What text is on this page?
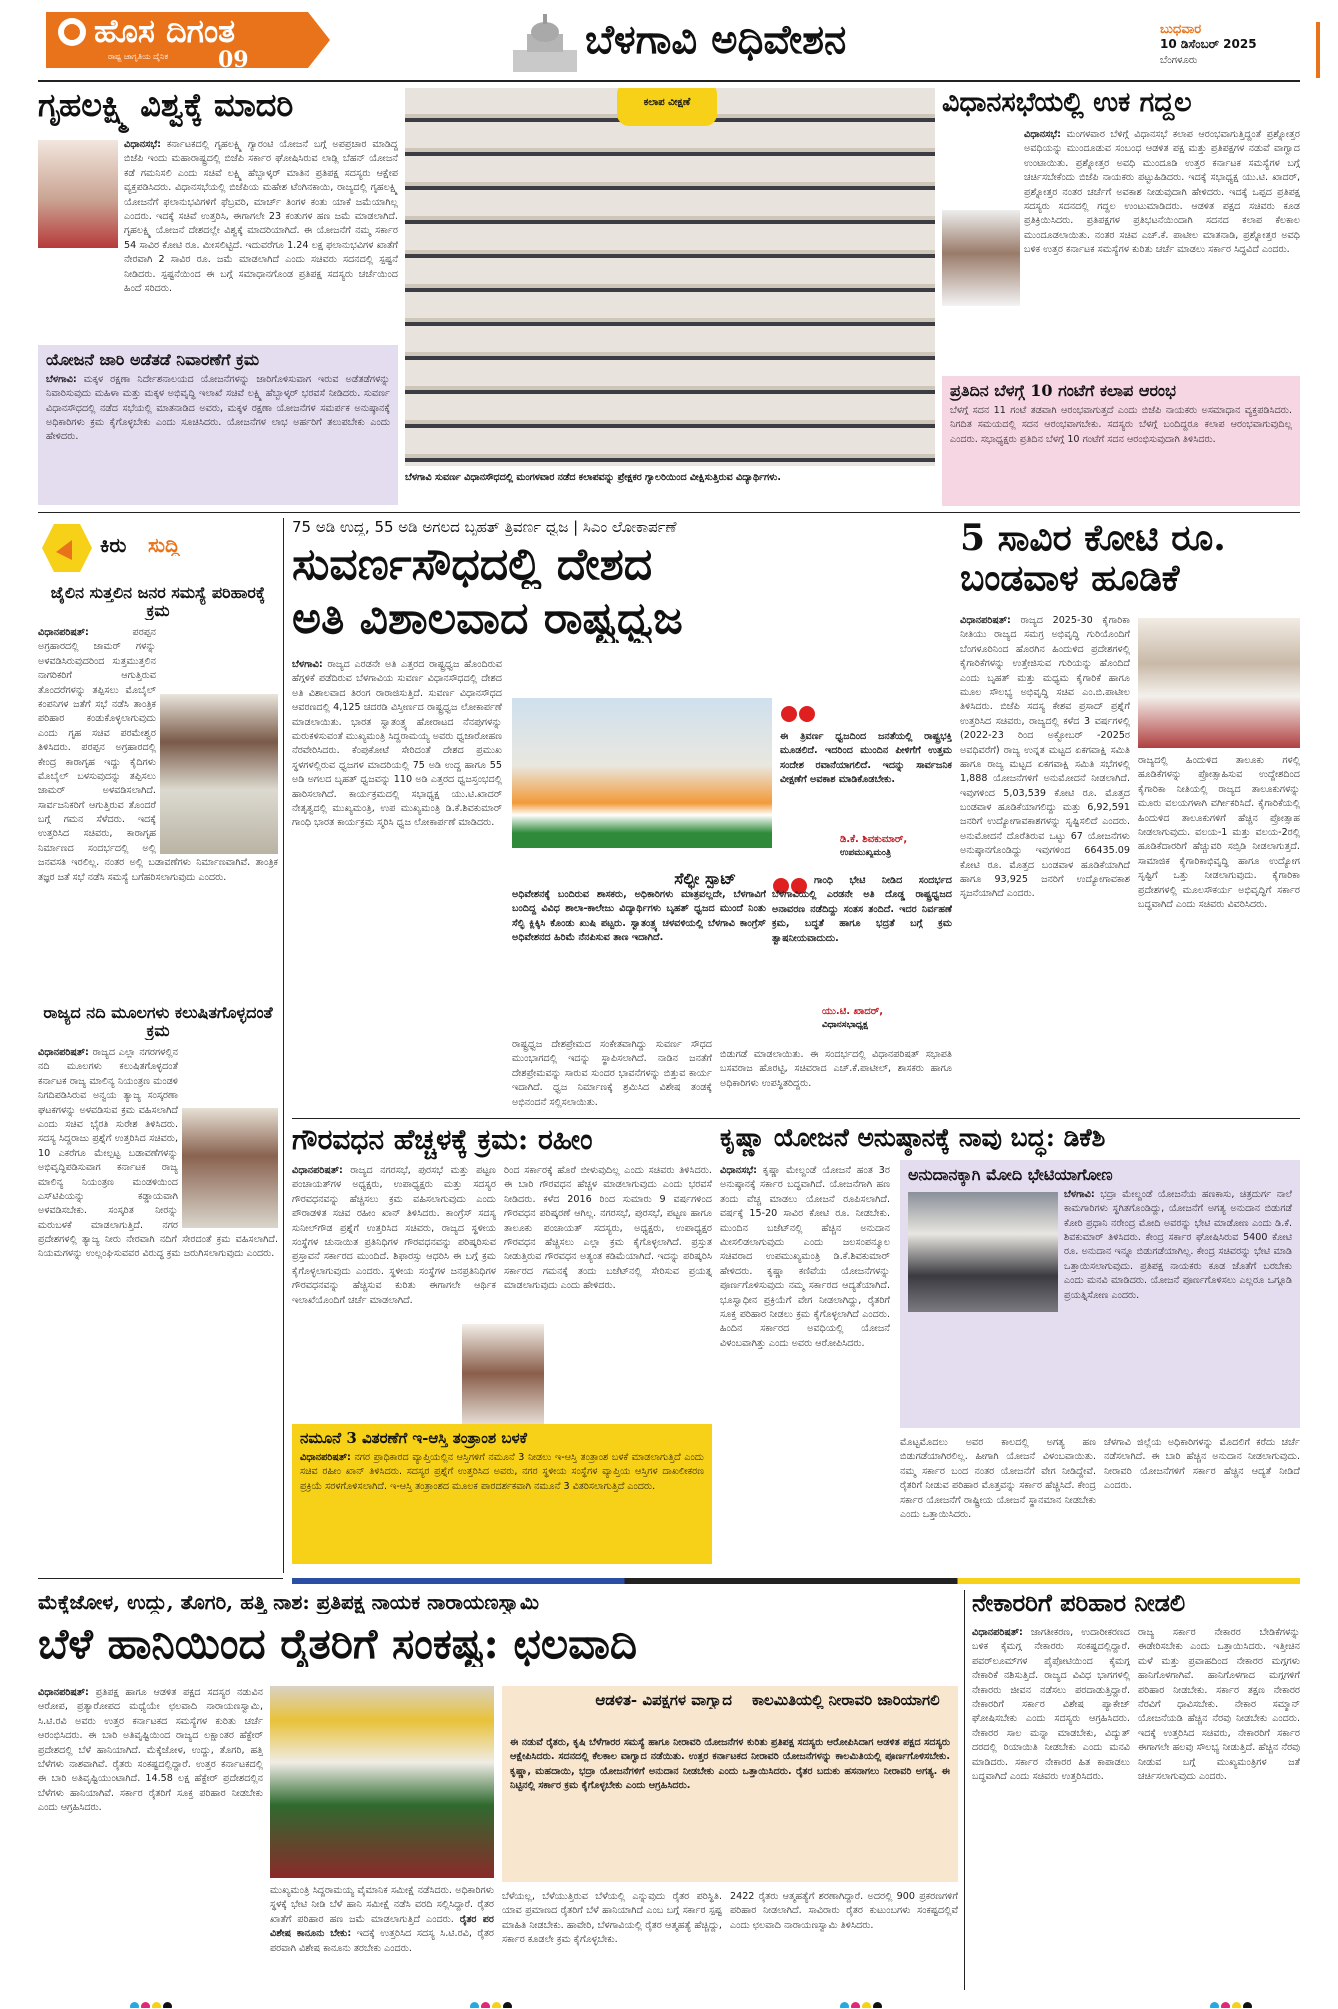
ಹೊಸ ದಿಗಂತ
ರಾಷ್ಟ್ರ ಜಾಗೃತಿಯ ದೈನಿಕ 09	ಬೆಳಗಾವಿ ಅಧಿವೇಶನ	ಬುಧವಾರ
10 ಡಿಸೆಂಬರ್ 2025
ಬೆಂಗಳೂರು
ಗೃಹಲಕ್ಷ್ಮಿ ವಿಶ್ವಕ್ಕೆ ಮಾದರಿ
ವಿಧಾನಸಭೆ: ಕರ್ನಾಟಕದಲ್ಲಿ ಗೃಹಲಕ್ಷ್ಮಿ ಗ್ಯಾರಂಟಿ ಯೋಜನೆ ಬಗ್ಗೆ ಅಪಪ್ರಚಾರ ಮಾಡಿದ್ದ ಬಿಜೆಪಿ ಇಂದು ಮಹಾರಾಷ್ಟ್ರದಲ್ಲಿ ಬಿಜೆಪಿ ಸರ್ಕಾರ ಘೋಷಿಸಿರುವ ಲಾಡ್ಲಿ ಬೆಹನ್ ಯೋಜನೆ ಕಡೆ ಗಮನಿಸಲಿ ಎಂದು ಸಚಿವೆ ಲಕ್ಷ್ಮಿ ಹೆಬ್ಬಾಳ್ಕರ್ ಮಾತಿನ ಪ್ರತಿಪಕ್ಷ ಸದಸ್ಯರು ಆಕ್ಷೇಪ ವ್ಯಕ್ತಪಡಿಸಿದರು. ವಿಧಾನಸಭೆಯಲ್ಲಿ ಬಿಜೆಪಿಯ ಮಹೇಶ ಟೆಂಗಿನಕಾಯಿ, ರಾಜ್ಯದಲ್ಲಿ ಗೃಹಲಕ್ಷ್ಮಿ ಯೋಜನೆಗೆ ಫಲಾನುಭವಿಗಳಿಗೆ ಫೆಬ್ರವರಿ, ಮಾರ್ಚ್ ತಿಂಗಳ ಕಂತು ಯಾಕೆ ಜಮೆಯಾಗಿಲ್ಲ ಎಂದರು. ಇದಕ್ಕೆ ಸಚಿವೆ ಉತ್ತರಿಸಿ, ಈಗಾಗಲೇ 23 ಕಂತುಗಳ ಹಣ ಜಮೆ ಮಾಡಲಾಗಿದೆ. ಗೃಹಲಕ್ಷ್ಮಿ ಯೋಜನೆ ದೇಶದಲ್ಲೇ ವಿಶ್ವಕ್ಕೆ ಮಾದರಿಯಾಗಿದೆ. ಈ ಯೋಜನೆಗೆ ನಮ್ಮ ಸರ್ಕಾರ 54 ಸಾವಿರ ಕೋಟಿ ರೂ. ಮೀಸಲಿಟ್ಟಿದೆ. ಇದುವರೆಗೂ 1.24 ಲಕ್ಷ ಫಲಾನುಭವಿಗಳ ಖಾತೆಗೆ ನೇರವಾಗಿ 2 ಸಾವಿರ ರೂ. ಜಮೆ ಮಾಡಲಾಗಿದೆ ಎಂದು ಸಚಿವರು ಸದನದಲ್ಲಿ ಸ್ಪಷ್ಟನೆ ನೀಡಿದರು. ಸ್ಪಷ್ಟನೆಯಿಂದ ಈ ಬಗ್ಗೆ ಸಮಾಧಾನಗೊಂಡ ಪ್ರತಿಪಕ್ಷ ಸದಸ್ಯರು ಚರ್ಚೆಯಿಂದ ಹಿಂದೆ ಸರಿದರು.
ಯೋಜನೆ ಜಾರಿ ಅಡೆತಡೆ ನಿವಾರಣೆಗೆ ಕ್ರಮ
ಬೆಳಗಾವಿ: ಮಕ್ಕಳ ರಕ್ಷಣಾ ನಿರ್ದೇಶನಾಲಯದ ಯೋಜನೆಗಳನ್ನು ಜಾರಿಗೊಳಿಸುವಾಗ ಇರುವ ಅಡೆತಡೆಗಳನ್ನು ನಿವಾರಿಸುವುದು ಮಹಿಳಾ ಮತ್ತು ಮಕ್ಕಳ ಅಭಿವೃದ್ಧಿ ಇಲಾಖೆ ಸಚಿವೆ ಲಕ್ಷ್ಮಿ ಹೆಬ್ಬಾಳ್ಕರ್ ಭರವಸೆ ನೀಡಿದರು. ಸುವರ್ಣ ವಿಧಾನಸೌಧದಲ್ಲಿ ನಡೆದ ಸಭೆಯಲ್ಲಿ ಮಾತನಾಡಿದ ಅವರು, ಮಕ್ಕಳ ರಕ್ಷಣಾ ಯೋಜನೆಗಳ ಸಮರ್ಪಕ ಅನುಷ್ಠಾನಕ್ಕೆ ಅಧಿಕಾರಿಗಳು ಕ್ರಮ ಕೈಗೊಳ್ಳಬೇಕು ಎಂದು ಸೂಚಿಸಿದರು. ಯೋಜನೆಗಳ ಲಾಭ ಅರ್ಹರಿಗೆ ತಲುಪಬೇಕು ಎಂದು ಹೇಳಿದರು.
ಕಲಾಪ ವೀಕ್ಷಣೆ
ಬೆಳಗಾವಿ ಸುವರ್ಣ ವಿಧಾನಸೌಧದಲ್ಲಿ ಮಂಗಳವಾರ ನಡೆದ ಕಲಾಪವನ್ನು ಪ್ರೇಕ್ಷಕರ ಗ್ಯಾಲರಿಯಿಂದ ವೀಕ್ಷಿಸುತ್ತಿರುವ ವಿದ್ಯಾರ್ಥಿಗಳು.
ವಿಧಾನಸಭೆಯಲ್ಲಿ ಉಕ ಗದ್ದಲ
ವಿಧಾನಸಭೆ: ಮಂಗಳವಾರ ಬೆಳಿಗ್ಗೆ ವಿಧಾನಸಭೆ ಕಲಾಪ ಆರಂಭವಾಗುತ್ತಿದ್ದಂತೆ ಪ್ರಶ್ನೋತ್ತರ ಅವಧಿಯನ್ನು ಮುಂದೂಡುವ ಸಂಬಂಧ ಆಡಳಿತ ಪಕ್ಷ ಮತ್ತು ಪ್ರತಿಪಕ್ಷಗಳ ನಡುವೆ ವಾಗ್ವಾದ ಉಂಟಾಯಿತು. ಪ್ರಶ್ನೋತ್ತರ ಅವಧಿ ಮುಂದೂಡಿ ಉತ್ತರ ಕರ್ನಾಟಕ ಸಮಸ್ಯೆಗಳ ಬಗ್ಗೆ ಚರ್ಚಿಸಬೇಕೆಂದು ಬಿಜೆಪಿ ನಾಯಕರು ಪಟ್ಟುಹಿಡಿದರು. ಇದಕ್ಕೆ ಸಭಾಧ್ಯಕ್ಷ ಯು.ಟಿ. ಖಾದರ್, ಪ್ರಶ್ನೋತ್ತರ ನಂತರ ಚರ್ಚೆಗೆ ಅವಕಾಶ ನೀಡುವುದಾಗಿ ಹೇಳಿದರು. ಇದಕ್ಕೆ ಒಪ್ಪದ ಪ್ರತಿಪಕ್ಷ ಸದಸ್ಯರು ಸದನದಲ್ಲಿ ಗದ್ದಲ ಉಂಟುಮಾಡಿದರು. ಆಡಳಿತ ಪಕ್ಷದ ಸಚಿವರು ಕೂಡ ಪ್ರತಿಕ್ರಿಯಿಸಿದರು. ಪ್ರತಿಪಕ್ಷಗಳ ಪ್ರತಿಭಟನೆಯಿಂದಾಗಿ ಸದನದ ಕಲಾಪ ಕೆಲಕಾಲ ಮುಂದೂಡಲಾಯಿತು. ನಂತರ ಸಚಿವ ಎಚ್.ಕೆ. ಪಾಟೀಲ ಮಾತನಾಡಿ, ಪ್ರಶ್ನೋತ್ತರ ಅವಧಿ ಬಳಿಕ ಉತ್ತರ ಕರ್ನಾಟಕ ಸಮಸ್ಯೆಗಳ ಕುರಿತು ಚರ್ಚೆ ಮಾಡಲು ಸರ್ಕಾರ ಸಿದ್ಧವಿದೆ ಎಂದರು.
ಪ್ರತಿದಿನ ಬೆಳಗ್ಗೆ 10 ಗಂಟೆಗೆ ಕಲಾಪ ಆರಂಭ
ಬೆಳಗ್ಗೆ ಸದನ 11 ಗಂಟೆ ತಡವಾಗಿ ಆರಂಭವಾಗುತ್ತದೆ ಎಂದು ಬಿಜೆಪಿ ನಾಯಕರು ಅಸಮಾಧಾನ ವ್ಯಕ್ತಪಡಿಸಿದರು. ನಿಗದಿತ ಸಮಯದಲ್ಲಿ ಸದನ ಆರಂಭವಾಗಬೇಕು. ಸದಸ್ಯರು ಬೆಳಗ್ಗೆ ಬಂದಿದ್ದರೂ ಕಲಾಪ ಆರಂಭವಾಗುವುದಿಲ್ಲ ಎಂದರು. ಸಭಾಧ್ಯಕ್ಷರು ಪ್ರತಿದಿನ ಬೆಳಗ್ಗೆ 10 ಗಂಟೆಗೆ ಸದನ ಆರಂಭಿಸುವುದಾಗಿ ತಿಳಿಸಿದರು.
ಕಿರು ಸುದ್ದಿ
ಜೈಲಿನ ಸುತ್ತಲಿನ ಜನರ ಸಮಸ್ಯೆ ಪರಿಹಾರಕ್ಕೆ ಕ್ರಮ
ವಿಧಾನಪರಿಷತ್:	ಪರಪ್ಪನ ಅಗ್ರಹಾರದಲ್ಲಿ ಜಾಮರ್ ಗಳನ್ನು ಅಳವಡಿಸಿರುವುದರಿಂದ ಸುತ್ತಮುತ್ತಲಿನ ನಾಗರಿಕರಿಗೆ ಆಗುತ್ತಿರುವ ತೊಂದರೆಗಳನ್ನು ತಪ್ಪಿಸಲು ಮೊಬೈಲ್ ಕಂಪನಿಗಳ ಜತೆಗೆ ಸಭೆ ನಡೆಸಿ ತಾಂತ್ರಿಕ ಪರಿಹಾರ ಕಂಡುಕೊಳ್ಳಲಾಗುವುದು ಎಂದು ಗೃಹ ಸಚಿವ ಪರಮೇಶ್ವರ ತಿಳಿಸಿದರು. ಪರಪ್ಪನ ಅಗ್ರಹಾರದಲ್ಲಿ ಕೇಂದ್ರ ಕಾರಾಗೃಹ ಇದ್ದು ಕೈದಿಗಳು ಮೊಬೈಲ್ ಬಳಸುವುದನ್ನು ತಪ್ಪಿಸಲು ಜಾಮರ್ ಅಳವಡಿಸಲಾಗಿದೆ. ಸಾರ್ವಜನಿಕರಿಗೆ ಆಗುತ್ತಿರುವ ತೊಂದರೆ ಬಗ್ಗೆ ಗಮನ ಸೆಳೆದರು. ಇದಕ್ಕೆ ಉತ್ತರಿಸಿದ ಸಚಿವರು, ಕಾರಾಗೃಹ ನಿರ್ಮಾಣದ ಸಂದರ್ಭದಲ್ಲಿ ಅಲ್ಲಿ ಜನವಸತಿ ಇರಲಿಲ್ಲ. ನಂತರ ಅಲ್ಲಿ ಬಡಾವಣೆಗಳು ನಿರ್ಮಾಣವಾಗಿವೆ. ತಾಂತ್ರಿಕ ತಜ್ಞರ ಜತೆ ಸಭೆ ನಡೆಸಿ ಸಮಸ್ಯೆ ಬಗೆಹರಿಸಲಾಗುವುದು ಎಂದರು.
ರಾಜ್ಯದ ನದಿ ಮೂಲಗಳು ಕಲುಷಿತಗೊಳ್ಳದಂತೆ ಕ್ರಮ
ವಿಧಾನಪರಿಷತ್: ರಾಜ್ಯದ ಎಲ್ಲಾ ನಗರಗಳಲ್ಲಿನ ನದಿ ಮೂಲಗಳು ಕಲುಷಿತಗೊಳ್ಳದಂತೆ ಕರ್ನಾಟಕ ರಾಜ್ಯ ಮಾಲಿನ್ಯ ನಿಯಂತ್ರಣ ಮಂಡಳಿ ನಿಗದಿಪಡಿಸಿರುವ ಅನ್ವಯ ತ್ಯಾಜ್ಯ ಸಂಸ್ಕರಣಾ ಘಟಕಗಳನ್ನು ಅಳವಡಿಸುವ ಕ್ರಮ ವಹಿಸಲಾಗಿದೆ ಎಂದು ಸಚಿವ ಭೈರತಿ ಸುರೇಶ ತಿಳಿಸಿದರು. ಸದಸ್ಯ ಸಿದ್ದರಾಜು ಪ್ರಶ್ನೆಗೆ ಉತ್ತರಿಸಿದ ಸಚಿವರು, 10 ಎಕರೆಗೂ ಮೇಲ್ಪಟ್ಟ ಬಡಾವಣೆಗಳನ್ನು ಅಭಿವೃದ್ಧಿಪಡಿಸುವಾಗ ಕರ್ನಾಟಕ ರಾಜ್ಯ ಮಾಲಿನ್ಯ ನಿಯಂತ್ರಣ ಮಂಡಳಿಯಿಂದ ಎಸ್‌ಟಿಪಿಯನ್ನು ಕಡ್ಡಾಯವಾಗಿ ಅಳವಡಿಸಬೇಕು. ಸಂಸ್ಕರಿತ ನೀರನ್ನು ಮರುಬಳಕೆ ಮಾಡಲಾಗುತ್ತಿದೆ. ನಗರ ಪ್ರದೇಶಗಳಲ್ಲಿ ತ್ಯಾಜ್ಯ ನೀರು ನೇರವಾಗಿ ನದಿಗೆ ಸೇರದಂತೆ ಕ್ರಮ ವಹಿಸಲಾಗಿದೆ. ನಿಯಮಗಳನ್ನು ಉಲ್ಲಂಘಿಸುವವರ ವಿರುದ್ಧ ಕ್ರಮ ಜರುಗಿಸಲಾಗುವುದು ಎಂದರು.
75 ಅಡಿ ಉದ್ದ, 55 ಅಡಿ ಅಗಲದ ಬೃಹತ್ ತ್ರಿವರ್ಣ ಧ್ವಜ | ಸಿಎಂ ಲೋಕಾರ್ಪಣೆ
ಸುವರ್ಣಸೌಧದಲ್ಲಿ ದೇಶದ
ಅತಿ ವಿಶಾಲವಾದ ರಾಷ್ಟ್ರಧ್ವಜ
ಬೆಳಗಾವಿ: ರಾಜ್ಯದ ಎರಡನೇ ಅತಿ ಎತ್ತರದ ರಾಷ್ಟ್ರಧ್ವಜ ಹೊಂದಿರುವ ಹೆಗ್ಗಳಿಕೆ ಪಡೆದಿರುವ ಬೆಳಗಾವಿಯ ಸುವರ್ಣ ವಿಧಾನಸೌಧದಲ್ಲಿ ದೇಶದ ಅತಿ ವಿಶಾಲವಾದ ತಿರಂಗ ರಾರಾಜಿಸುತ್ತಿದೆ. ಸುವರ್ಣ ವಿಧಾನಸೌಧದ ಆವರಣದಲ್ಲಿ 4,125 ಚದರಡಿ ವಿಸ್ತೀರ್ಣದ ರಾಷ್ಟ್ರಧ್ವಜ ಲೋಕಾರ್ಪಣೆ ಮಾಡಲಾಯಿತು. ಭಾರತ ಸ್ವಾತಂತ್ರ್ಯ ಹೋರಾಟದ ನೆನಪುಗಳನ್ನು ಮರುಕಳಿಸುವಂತೆ ಮುಖ್ಯಮಂತ್ರಿ ಸಿದ್ದರಾಮಯ್ಯ ಅವರು ಧ್ವಜಾರೋಹಣ ನೆರವೇರಿಸಿದರು. ಕೆಂಪುಕೋಟೆ ಸೇರಿದಂತೆ ದೇಶದ ಪ್ರಮುಖ ಸ್ಥಳಗಳಲ್ಲಿರುವ ಧ್ವಜಗಳ ಮಾದರಿಯಲ್ಲಿ 75 ಅಡಿ ಉದ್ದ ಹಾಗೂ 55 ಅಡಿ ಅಗಲದ ಬೃಹತ್ ಧ್ವಜವನ್ನು 110 ಅಡಿ ಎತ್ತರದ ಧ್ವಜಸ್ತಂಭದಲ್ಲಿ ಹಾರಿಸಲಾಗಿದೆ. ಕಾರ್ಯಕ್ರಮದಲ್ಲಿ ಸಭಾಧ್ಯಕ್ಷ ಯು.ಟಿ.ಖಾದರ್ ನೇತೃತ್ವದಲ್ಲಿ ಮುಖ್ಯಮಂತ್ರಿ, ಉಪ ಮುಖ್ಯಮಂತ್ರಿ ಡಿ.ಕೆ.ಶಿವಕುಮಾರ್ ಗಾಂಧಿ ಭಾರತ ಕಾರ್ಯಕ್ರಮ ಸ್ಮರಿಸಿ ಧ್ವಜ ಲೋಕಾರ್ಪಣೆ ಮಾಡಿದರು.
ಈ ತ್ರಿವರ್ಣ ಧ್ವಜದಿಂದ ಜನತೆಯಲ್ಲಿ ರಾಷ್ಟ್ರಭಕ್ತಿ ಮೂಡಲಿದೆ. ಇದರಿಂದ ಮುಂದಿನ ಪೀಳಿಗೆಗೆ ಉತ್ತಮ ಸಂದೇಶ ರವಾನೆಯಾಗಲಿದೆ. ಇದನ್ನು ಸಾರ್ವಜನಿಕ ವೀಕ್ಷಣೆಗೆ ಅವಕಾಶ ಮಾಡಿಕೊಡಬೇಕು.
ಡಿ.ಕೆ. ಶಿವಕುಮಾರ್,
ಉಪಮುಖ್ಯಮಂತ್ರಿ
ಸೆಲ್ಫೀ ಸ್ಪಾಟ್
ಅಧಿವೇಶನಕ್ಕೆ ಬಂದಿರುವ ಶಾಸಕರು, ಅಧಿಕಾರಿಗಳು ಮಾತ್ರವಲ್ಲದೇ, ಬೆಳಗಾವಿಗೆ ಬಂದಿದ್ದ ವಿವಿಧ ಶಾಲಾ-ಕಾಲೇಜು ವಿದ್ಯಾರ್ಥಿಗಳು ಬೃಹತ್ ಧ್ವಜದ ಮುಂದೆ ನಿಂತು ಸೆಲ್ಫಿ ಕ್ಲಿಕ್ಕಿಸಿ ಕೊಂಡು ಖುಷಿ ಪಟ್ಟರು. ಸ್ವಾತಂತ್ರ್ಯ ಚಳವಳಿಯಲ್ಲಿ ಬೆಳಗಾವಿ ಕಾಂಗ್ರೆಸ್ ಅಧಿವೇಶನದ ಹಿರಿಮೆ ನೆನಪಿಸುವ ತಾಣ ಇದಾಗಿದೆ.
ಗಾಂಧಿ ಭೇಟಿ ನೀಡಿದ ಸಂದರ್ಭದ ಬೆಳಗಾವಿಯಲ್ಲಿ ಎರಡನೇ ಅತಿ ದೊಡ್ಡ ರಾಷ್ಟ್ರಧ್ವಜದ ಅನಾವರಣ ನಡೆದಿದ್ದು ಸಂತಸ ತಂದಿದೆ. ಇದರ ನಿರ್ವಹಣೆ ಕ್ರಮ, ಬದ್ಧತೆ ಹಾಗೂ ಭದ್ರತೆ ಬಗ್ಗೆ ಕ್ರಮ ತ್ವಾಷನೀಯವಾದುದು.
ಯು.ಟಿ. ಖಾದರ್,
ವಿಧಾನಸಭಾಧ್ಯಕ್ಷ
ರಾಷ್ಟ್ರಧ್ವಜ ದೇಶಪ್ರೇಮದ ಸಂಕೇತವಾಗಿದ್ದು ಸುವರ್ಣ ಸೌಧದ ಮುಂಭಾಗದಲ್ಲಿ ಇದನ್ನು ಸ್ಥಾಪಿಸಲಾಗಿದೆ. ನಾಡಿನ ಜನತೆಗೆ ದೇಶಪ್ರೇಮವನ್ನು ಸಾರುವ ಸುಂದರ ಭಾವನೆಗಳನ್ನು ಬಿತ್ತುವ ಕಾರ್ಯ ಇದಾಗಿದೆ. ಧ್ವಜ ನಿರ್ಮಾಣಕ್ಕೆ ಶ್ರಮಿಸಿದ ವಿಶೇಷ ತಂಡಕ್ಕೆ ಅಭಿನಂದನೆ ಸಲ್ಲಿಸಲಾಯಿತು.
ಬಿಡುಗಡೆ ಮಾಡಲಾಯಿತು. ಈ ಸಂದರ್ಭದಲ್ಲಿ ವಿಧಾನಪರಿಷತ್ ಸಭಾಪತಿ ಬಸವರಾಜ ಹೊರಟ್ಟಿ, ಸಚಿವರಾದ ಎಚ್.ಕೆ.ಪಾಟೀಲ್, ಶಾಸಕರು ಹಾಗೂ ಅಧಿಕಾರಿಗಳು ಉಪಸ್ಥಿತರಿದ್ದರು.
5 ಸಾವಿರ ಕೋಟಿ ರೂ. ಬಂಡವಾಳ ಹೂಡಿಕೆ
ವಿಧಾನಪರಿಷತ್: ರಾಜ್ಯದ 2025-30 ಕೈಗಾರಿಕಾ ನೀತಿಯು ರಾಜ್ಯದ ಸಮಗ್ರ ಅಭಿವೃದ್ಧಿ ಗುರಿಯೊಂದಿಗೆ ಬೆಂಗಳೂರಿನಿಂದ ಹೊರಗಿನ ಹಿಂದುಳಿದ ಪ್ರದೇಶಗಳಲ್ಲಿ ಕೈಗಾರಿಕೆಗಳನ್ನು ಉತ್ತೇಜಿಸುವ ಗುರಿಯನ್ನು ಹೊಂದಿದೆ ಎಂದು ಬೃಹತ್ ಮತ್ತು ಮಧ್ಯಮ ಕೈಗಾರಿಕೆ ಹಾಗೂ ಮೂಲ ಸೌಲಭ್ಯ ಅಭಿವೃದ್ಧಿ ಸಚಿವ ಎಂ.ಬಿ.ಪಾಟೀಲ ತಿಳಿಸಿದರು. ಬಿಜೆಪಿ ಸದಸ್ಯ ಕೇಶವ ಪ್ರಸಾದ್ ಪ್ರಶ್ನೆಗೆ ಉತ್ತರಿಸಿದ ಸಚಿವರು, ರಾಜ್ಯದಲ್ಲಿ ಕಳೆದ 3 ವರ್ಷಗಳಲ್ಲಿ (2022-23 ರಿಂದ ಅಕ್ಟೋಬರ್ -2025ರ ಅವಧಿವರೆಗೆ) ರಾಜ್ಯ ಉನ್ನತ ಮಟ್ಟದ ಏಕಗವಾಕ್ಷಿ ಸಮಿತಿ ಹಾಗೂ ರಾಜ್ಯ ಮಟ್ಟದ ಏಕಗವಾಕ್ಷಿ ಸಮಿತಿ ಸಭೆಗಳಲ್ಲಿ 1,888 ಯೋಜನೆಗಳಿಗೆ ಅನುಮೋದನೆ ನೀಡಲಾಗಿದೆ. ಇವುಗಳಿಂದ 5,03,539 ಕೋಟಿ ರೂ. ಮೊತ್ತದ ಬಂಡವಾಳ ಹೂಡಿಕೆಯಾಗಲಿದ್ದು ಮತ್ತು 6,92,591 ಜನರಿಗೆ ಉದ್ಯೋಗಾವಕಾಶಗಳನ್ನು ಸೃಷ್ಟಿಸಲಿದೆ ಎಂದರು. ಅನುಮೋದನೆ ದೊರೆತಿರುವ ಒಟ್ಟು 67 ಯೋಜನೆಗಳು ಅನುಷ್ಠಾನಗೊಂಡಿದ್ದು ಇವುಗಳಿಂದ 66435.09 ಕೋಟಿ ರೂ. ಮೊತ್ತದ ಬಂಡವಾಳ ಹೂಡಿಕೆಯಾಗಿದೆ ಹಾಗೂ 93,925 ಜನರಿಗೆ ಉದ್ಯೋಗಾವಕಾಶ ಸೃಜನೆಯಾಗಿದೆ ಎಂದರು.
ರಾಜ್ಯದಲ್ಲಿ ಹಿಂದುಳಿದ ತಾಲೂಕು ಗಳಲ್ಲಿ ಹೂಡಿಕೆಗಳನ್ನು ಪ್ರೋತ್ಸಾಹಿಸುವ ಉದ್ದೇಶದಿಂದ ಕೈಗಾರಿಕಾ ನೀತಿಯಲ್ಲಿ ರಾಜ್ಯದ ತಾಲೂಕುಗಳನ್ನು ಮೂರು ವಲಯಗಳಾಗಿ ವರ್ಗೀಕರಿಸಿದೆ. ಕೈಗಾರಿಕೆಯಲ್ಲಿ ಹಿಂದುಳಿದ ತಾಲೂಕುಗಳಿಗೆ ಹೆಚ್ಚಿನ ಪ್ರೋತ್ಸಾಹ ನೀಡಲಾಗುವುದು. ವಲಯ-1 ಮತ್ತು ವಲಯ-2ರಲ್ಲಿ ಹೂಡಿಕೆದಾರರಿಗೆ ಹೆಚ್ಚುವರಿ ಸಬ್ಸಿಡಿ ನೀಡಲಾಗುತ್ತದೆ. ಸಾಮಾಜಿಕ ಕೈಗಾರಿಕಾಭಿವೃದ್ಧಿ ಹಾಗೂ ಉದ್ಯೋಗ ಸೃಷ್ಟಿಗೆ ಒತ್ತು ನೀಡಲಾಗುವುದು. ಕೈಗಾರಿಕಾ ಪ್ರದೇಶಗಳಲ್ಲಿ ಮೂಲಸೌಕರ್ಯ ಅಭಿವೃದ್ಧಿಗೆ ಸರ್ಕಾರ ಬದ್ಧವಾಗಿದೆ ಎಂದು ಸಚಿವರು ವಿವರಿಸಿದರು.
ಗೌರವಧನ ಹೆಚ್ಚಳಕ್ಕೆ ಕ್ರಮ: ರಹೀಂ
ವಿಧಾನಪರಿಷತ್: ರಾಜ್ಯದ ನಗರಸಭೆ, ಪುರಸಭೆ ಮತ್ತು ಪಟ್ಟಣ ಪಂಚಾಯತ್‌ಗಳ ಅಧ್ಯಕ್ಷರು, ಉಪಾಧ್ಯಕ್ಷರು ಮತ್ತು ಸದಸ್ಯರ ಗೌರವಧನವನ್ನು ಹೆಚ್ಚಿಸಲು ಕ್ರಮ ವಹಿಸಲಾಗುವುದು ಎಂದು ಪೌರಾಡಳಿತ ಸಚಿವ ರಹೀಂ ಖಾನ್ ತಿಳಿಸಿದರು. ಕಾಂಗ್ರೆಸ್ ಸದಸ್ಯ ಸುನೀಲ್‌ಗೌಡ ಪ್ರಶ್ನೆಗೆ ಉತ್ತರಿಸಿದ ಸಚಿವರು, ರಾಜ್ಯದ ಸ್ಥಳೀಯ ಸಂಸ್ಥೆಗಳ ಚುನಾಯಿತ ಪ್ರತಿನಿಧಿಗಳ ಗೌರವಧನವನ್ನು ಪರಿಷ್ಕರಿಸುವ ಪ್ರಸ್ತಾವನೆ ಸರ್ಕಾರದ ಮುಂದಿದೆ. ಶಿಫಾರಸ್ಸು ಆಧರಿಸಿ ಈ ಬಗ್ಗೆ ಕ್ರಮ ಕೈಗೊಳ್ಳಲಾಗುವುದು ಎಂದರು. ಸ್ಥಳೀಯ ಸಂಸ್ಥೆಗಳ ಜನಪ್ರತಿನಿಧಿಗಳ ಗೌರವಧನವನ್ನು ಹೆಚ್ಚಿಸುವ ಕುರಿತು ಈಗಾಗಲೇ ಆರ್ಥಿಕ ಇಲಾಖೆಯೊಂದಿಗೆ ಚರ್ಚೆ ಮಾಡಲಾಗಿದೆ.
ರಿಂದ ಸರ್ಕಾರಕ್ಕೆ ಹೊರೆ ಬೀಳುವುದಿಲ್ಲ ಎಂದು ಸಚಿವರು ತಿಳಿಸಿದರು. ಈ ಬಾರಿ ಗೌರವಧನ ಹೆಚ್ಚಳ ಮಾಡಲಾಗುವುದು ಎಂದು ಭರವಸೆ ನೀಡಿದರು. ಕಳೆದ 2016 ರಿಂದ ಸುಮಾರು 9 ವರ್ಷಗಳಿಂದ ಗೌರವಧನ ಪರಿಷ್ಕರಣೆ ಆಗಿಲ್ಲ. ನಗರಸಭೆ, ಪುರಸಭೆ, ಪಟ್ಟಣ ಹಾಗೂ ತಾಲೂಕು ಪಂಚಾಯತ್ ಸದಸ್ಯರು, ಅಧ್ಯಕ್ಷರು, ಉಪಾಧ್ಯಕ್ಷರ ಗೌರವಧನ ಹೆಚ್ಚಿಸಲು ಎಲ್ಲಾ ಕ್ರಮ ಕೈಗೊಳ್ಳಲಾಗಿದೆ. ಪ್ರಸ್ತುತ ನೀಡುತ್ತಿರುವ ಗೌರವಧನ ಅತ್ಯಂತ ಕಡಿಮೆಯಾಗಿದೆ. ಇದನ್ನು ಪರಿಷ್ಕರಿಸಿ ಸರ್ಕಾರದ ಗಮನಕ್ಕೆ ತಂದು ಬಜೆಟ್‌ನಲ್ಲಿ ಸೇರಿಸುವ ಪ್ರಯತ್ನ ಮಾಡಲಾಗುವುದು ಎಂದು ಹೇಳಿದರು.
ನಮೂನೆ 3 ವಿತರಣೆಗೆ ಇ-ಆಸ್ತಿ ತಂತ್ರಾಂಶ ಬಳಕೆ
ವಿಧಾನಪರಿಷತ್: ನಗರ ಪ್ರಾಧಿಕಾರದ ವ್ಯಾಪ್ತಿಯಲ್ಲಿನ ಆಸ್ತಿಗಳಿಗೆ ನಮೂನೆ 3 ನೀಡಲು ಇ-ಆಸ್ತಿ ತಂತ್ರಾಂಶ ಬಳಕೆ ಮಾಡಲಾಗುತ್ತಿದೆ ಎಂದು ಸಚಿವ ರಹೀಂ ಖಾನ್ ತಿಳಿಸಿದರು. ಸದಸ್ಯರ ಪ್ರಶ್ನೆಗೆ ಉತ್ತರಿಸಿದ ಅವರು, ನಗರ ಸ್ಥಳೀಯ ಸಂಸ್ಥೆಗಳ ವ್ಯಾಪ್ತಿಯ ಆಸ್ತಿಗಳ ದಾಖಲೀಕರಣ ಪ್ರಕ್ರಿಯೆ ಸರಳಗೊಳಿಸಲಾಗಿದೆ. ಇ-ಆಸ್ತಿ ತಂತ್ರಾಂಶದ ಮೂಲಕ ಪಾರದರ್ಶಕವಾಗಿ ನಮೂನೆ 3 ವಿತರಿಸಲಾಗುತ್ತಿದೆ ಎಂದರು.
ಕೃಷ್ಣಾ ಯೋಜನೆ ಅನುಷ್ಠಾನಕ್ಕೆ ನಾವು ಬದ್ಧ: ಡಿಕೆಶಿ
ವಿಧಾನಸಭೆ: ಕೃಷ್ಣಾ ಮೇಲ್ದಂಡೆ ಯೋಜನೆ ಹಂತ 3ರ ಅನುಷ್ಠಾನಕ್ಕೆ ಸರ್ಕಾರ ಬದ್ಧವಾಗಿದೆ. ಯೋಜನೆಗಾಗಿ ಹಣ ತಂದು ವೆಚ್ಚ ಮಾಡಲು ಯೋಜನೆ ರೂಪಿಸಲಾಗಿದೆ. ವರ್ಷಕ್ಕೆ 15-20 ಸಾವಿರ ಕೋಟಿ ರೂ. ನೀಡಬೇಕು. ಮುಂದಿನ ಬಜೆಟ್‌ನಲ್ಲಿ ಹೆಚ್ಚಿನ ಅನುದಾನ ಮೀಸಲಿಡಲಾಗುವುದು ಎಂದು ಜಲಸಂಪನ್ಮೂಲ ಸಚಿವರಾದ ಉಪಮುಖ್ಯಮಂತ್ರಿ ಡಿ.ಕೆ.ಶಿವಕುಮಾರ್ ಹೇಳಿದರು. ಕೃಷ್ಣಾ ಕಣಿವೆಯ ಯೋಜನೆಗಳನ್ನು ಪೂರ್ಣಗೊಳಿಸುವುದು ನಮ್ಮ ಸರ್ಕಾರದ ಆದ್ಯತೆಯಾಗಿದೆ. ಭೂಸ್ವಾಧೀನ ಪ್ರಕ್ರಿಯೆಗೆ ವೇಗ ನೀಡಲಾಗಿದ್ದು, ರೈತರಿಗೆ ಸೂಕ್ತ ಪರಿಹಾರ ನೀಡಲು ಕ್ರಮ ಕೈಗೊಳ್ಳಲಾಗಿದೆ ಎಂದರು. ಹಿಂದಿನ ಸರ್ಕಾರದ ಅವಧಿಯಲ್ಲಿ ಯೋಜನೆ ವಿಳಂಬವಾಗಿತ್ತು ಎಂದು ಅವರು ಆರೋಪಿಸಿದರು.
ಅನುದಾನಕ್ಕಾಗಿ ಮೋದಿ ಭೇಟಿಯಾಗೋಣ
ಬೆಳಗಾವಿ: ಭದ್ರಾ ಮೇಲ್ದಂಡೆ ಯೋಜನೆಯ ಹಣಕಾಸು, ಚಿತ್ರದುರ್ಗ ನಾಲೆ ಕಾಮಗಾರಿಗಳು ಸ್ಥಗಿತಗೊಂಡಿದ್ದು, ಯೋಜನೆಗೆ ಅಗತ್ಯ ಅನುದಾನ ಬಿಡುಗಡೆ ಕೋರಿ ಪ್ರಧಾನಿ ನರೇಂದ್ರ ಮೋದಿ ಅವರನ್ನು ಭೇಟಿ ಮಾಡೋಣ ಎಂದು ಡಿ.ಕೆ. ಶಿವಕುಮಾರ್ ತಿಳಿಸಿದರು. ಕೇಂದ್ರ ಸರ್ಕಾರ ಘೋಷಿಸಿರುವ 5400 ಕೋಟಿ ರೂ. ಅನುದಾನ ಇನ್ನೂ ಬಿಡುಗಡೆಯಾಗಿಲ್ಲ. ಕೇಂದ್ರ ಸಚಿವರನ್ನು ಭೇಟಿ ಮಾಡಿ ಒತ್ತಾಯಿಸಲಾಗುವುದು. ಪ್ರತಿಪಕ್ಷ ನಾಯಕರು ಕೂಡ ಜೊತೆಗೆ ಬರಬೇಕು ಎಂದು ಮನವಿ ಮಾಡಿದರು. ಯೋಜನೆ ಪೂರ್ಣಗೊಳಿಸಲು ಎಲ್ಲರೂ ಒಗ್ಗೂಡಿ ಪ್ರಯತ್ನಿಸೋಣ ಎಂದರು.
ಮೊಟ್ಟಮೊದಲು ಅವರ ಕಾಲದಲ್ಲಿ ಅಗತ್ಯ ಹಣ ಬಿಡುಗಡೆಯಾಗಿರಲಿಲ್ಲ. ಹೀಗಾಗಿ ಯೋಜನೆ ವಿಳಂಬವಾಯಿತು. ನಮ್ಮ ಸರ್ಕಾರ ಬಂದ ನಂತರ ಯೋಜನೆಗೆ ವೇಗ ನೀಡಿದ್ದೇವೆ. ರೈತರಿಗೆ ನೀಡುವ ಪರಿಹಾರ ಮೊತ್ತವನ್ನು ಸರ್ಕಾರ ಹೆಚ್ಚಿಸಿದೆ. ಕೇಂದ್ರ ಸರ್ಕಾರ ಯೋಜನೆಗೆ ರಾಷ್ಟ್ರೀಯ ಯೋಜನೆ ಸ್ಥಾನಮಾನ ನೀಡಬೇಕು ಎಂದು ಒತ್ತಾಯಿಸಿದರು.
ಚೆಳಗಾವಿ ಜಿಲ್ಲೆಯ ಅಧಿಕಾರಿಗಳನ್ನು ಮೊದಲಿಗೆ ಕರೆದು ಚರ್ಚೆ ನಡೆಸಲಾಗಿದೆ. ಈ ಬಾರಿ ಹೆಚ್ಚಿನ ಅನುದಾನ ನೀಡಲಾಗುವುದು. ನೀರಾವರಿ ಯೋಜನೆಗಳಿಗೆ ಸರ್ಕಾರ ಹೆಚ್ಚಿನ ಆದ್ಯತೆ ನೀಡಿದೆ ಎಂದರು.
ಮೆಕ್ಕೆಜೋಳ, ಉದ್ದು, ತೊಗರಿ, ಹತ್ತಿ ನಾಶ: ಪ್ರತಿಪಕ್ಷ ನಾಯಕ ನಾರಾಯಣಸ್ವಾಮಿ
ಬೆಳೆ ಹಾನಿಯಿಂದ ರೈತರಿಗೆ ಸಂಕಷ್ಟ: ಛಲವಾದಿ
ವಿಧಾನಪರಿಷತ್: ಪ್ರತಿಪಕ್ಷ ಹಾಗೂ ಆಡಳಿತ ಪಕ್ಷದ ಸದಸ್ಯರ ನಡುವಿನ ಆರೋಪ, ಪ್ರತ್ಯಾರೋಪದ ಮಧ್ಯೆಯೇ ಛಲವಾದಿ ನಾರಾಯಣಸ್ವಾಮಿ, ಸಿ.ಟಿ.ರವಿ ಅವರು ಉತ್ತರ ಕರ್ನಾಟಕದ ಸಮಸ್ಯೆಗಳ ಕುರಿತು ಚರ್ಚೆ ಆರಂಭಿಸಿದರು. ಈ ಬಾರಿ ಅತಿವೃಷ್ಟಿಯಿಂದ ರಾಜ್ಯದ ಲಕ್ಷಾಂತರ ಹೆಕ್ಟೇರ್ ಪ್ರದೇಶದಲ್ಲಿ ಬೆಳೆ ಹಾನಿಯಾಗಿದೆ. ಮೆಕ್ಕೆಜೋಳ, ಉದ್ದು, ತೊಗರಿ, ಹತ್ತಿ ಬೆಳೆಗಳು ನಾಶವಾಗಿವೆ. ರೈತರು ಸಂಕಷ್ಟದಲ್ಲಿದ್ದಾರೆ. ಉತ್ತರ ಕರ್ನಾಟಕದಲ್ಲಿ ಈ ಬಾರಿ ಅತಿವೃಷ್ಟಿಯುಂಟಾಗಿದೆ. 14.58 ಲಕ್ಷ ಹೆಕ್ಟೇರ್ ಪ್ರದೇಶದಲ್ಲಿನ ಬೆಳೆಗಳು ಹಾನಿಯಾಗಿವೆ. ಸರ್ಕಾರ ರೈತರಿಗೆ ಸೂಕ್ತ ಪರಿಹಾರ ನೀಡಬೇಕು ಎಂದು ಆಗ್ರಹಿಸಿದರು.
ಮುಖ್ಯಮಂತ್ರಿ ಸಿದ್ದರಾಮಯ್ಯ ವೈಮಾನಿಕ ಸಮೀಕ್ಷೆ ನಡೆಸಿದರು. ಅಧಿಕಾರಿಗಳು ಸ್ಥಳಕ್ಕೆ ಭೇಟಿ ನೀಡಿ ಬೆಳೆ ಹಾನಿ ಸಮೀಕ್ಷೆ ನಡೆಸಿ ವರದಿ ಸಲ್ಲಿಸಿದ್ದಾರೆ. ರೈತರ ಖಾತೆಗೆ ಪರಿಹಾರ ಹಣ ಜಮೆ ಮಾಡಲಾಗುತ್ತಿದೆ ಎಂದರು. ರೈತರ ಪರ ವಿಶೇಷ ಕಾನೂನು ಬೇಕು: ಇದಕ್ಕೆ ಉತ್ತರಿಸಿದ ಸದಸ್ಯ ಸಿ.ಟಿ.ರವಿ, ರೈತರ ಪರವಾಗಿ ವಿಶೇಷ ಕಾನೂನು ತರಬೇಕು ಎಂದರು.
ಆಡಳಿತ- ವಿಪಕ್ಷಗಳ ವಾಗ್ವಾದ ಕಾಲಮಿತಿಯಲ್ಲಿ ನೀರಾವರಿ ಜಾರಿಯಾಗಲಿ
ಈ ನಡುವೆ ರೈತರು, ಕೃಷಿ ಬೆಳೆಗಾರರ ಸಮಸ್ಯೆ ಹಾಗೂ ನೀರಾವರಿ ಯೋಜನೆಗಳ ಕುರಿತು ಪ್ರತಿಪಕ್ಷ ಸದಸ್ಯರು ಆರೋಪಿಸಿದಾಗ ಆಡಳಿತ ಪಕ್ಷದ ಸದಸ್ಯರು ಆಕ್ಷೇಪಿಸಿದರು. ಸದನದಲ್ಲಿ ಕೆಲಕಾಲ ವಾಗ್ವಾದ ನಡೆಯಿತು. ಉತ್ತರ ಕರ್ನಾಟಕದ ನೀರಾವರಿ ಯೋಜನೆಗಳನ್ನು ಕಾಲಮಿತಿಯಲ್ಲಿ ಪೂರ್ಣಗೊಳಿಸಬೇಕು. ಕೃಷ್ಣಾ, ಮಹದಾಯಿ, ಭದ್ರಾ ಯೋಜನೆಗಳಿಗೆ ಅನುದಾನ ನೀಡಬೇಕು ಎಂದು ಒತ್ತಾಯಿಸಿದರು. ರೈತರ ಬದುಕು ಹಸನಾಗಲು ನೀರಾವರಿ ಅಗತ್ಯ. ಈ ನಿಟ್ಟಿನಲ್ಲಿ ಸರ್ಕಾರ ಕ್ರಮ ಕೈಗೊಳ್ಳಬೇಕು ಎಂದು ಆಗ್ರಹಿಸಿದರು.
ಬೆಳೆಯಲ್ಲ, ಬೆಳೆಯುತ್ತಿರುವ ಬೆಳೆಯಲ್ಲಿ ಎನ್ನುವುದು ರೈತರ ಪರಿಸ್ಥಿತಿ. ಯಾವ ಪ್ರಮಾಣದ ರೈತರಿಗೆ ಬೆಳೆ ಹಾನಿಯಾಗಿದೆ ಎಂಬ ಬಗ್ಗೆ ಸರ್ಕಾರ ಸ್ಪಷ್ಟ ಮಾಹಿತಿ ನೀಡಬೇಕು. ಹಾವೇರಿ, ಬೆಳಗಾವಿಯಲ್ಲಿ ರೈತರ ಆತ್ಮಹತ್ಯೆ ಹೆಚ್ಚಿದ್ದು, ಸರ್ಕಾರ ಕೂಡಲೇ ಕ್ರಮ ಕೈಗೊಳ್ಳಬೇಕು.
2422 ರೈತರು ಆತ್ಮಹತ್ಯೆಗೆ ಶರಣಾಗಿದ್ದಾರೆ. ಅದರಲ್ಲಿ 900 ಪ್ರಕರಣಗಳಿಗೆ ಪರಿಹಾರ ನೀಡಲಾಗಿದೆ. ಸಾವಿರಾರು ರೈತರ ಕುಟುಂಬಗಳು ಸಂಕಷ್ಟದಲ್ಲಿವೆ ಎಂದು ಛಲವಾದಿ ನಾರಾಯಣಸ್ವಾಮಿ ತಿಳಿಸಿದರು.
ನೇಕಾರರಿಗೆ ಪರಿಹಾರ ನೀಡಲಿ
ವಿಧಾನಪರಿಷತ್: ಜಾಗತೀಕರಣ, ಉದಾರೀಕರಣದ ಬಳಿಕ ಕೈಮಗ್ಗ ನೇಕಾರರು ಸಂಕಷ್ಟದಲ್ಲಿದ್ದಾರೆ. ಪವರ್‌ಲೂಮ್‌ಗಳ ಪೈಪೋಟಿಯಿಂದ ಕೈಮಗ್ಗ ನೇಕಾರಿಕೆ ನಶಿಸುತ್ತಿದೆ. ರಾಜ್ಯದ ವಿವಿಧ ಭಾಗಗಳಲ್ಲಿ ನೇಕಾರರು ಜೀವನ ನಡೆಸಲು ಪರದಾಡುತ್ತಿದ್ದಾರೆ. ನೇಕಾರರಿಗೆ ಸರ್ಕಾರ ವಿಶೇಷ ಪ್ಯಾಕೇಜ್ ಘೋಷಿಸಬೇಕು ಎಂದು ಸದಸ್ಯರು ಆಗ್ರಹಿಸಿದರು. ನೇಕಾರರ ಸಾಲ ಮನ್ನಾ ಮಾಡಬೇಕು, ವಿದ್ಯುತ್ ದರದಲ್ಲಿ ರಿಯಾಯಿತಿ ನೀಡಬೇಕು ಎಂದು ಮನವಿ ಮಾಡಿದರು. ಸರ್ಕಾರ ನೇಕಾರರ ಹಿತ ಕಾಪಾಡಲು ಬದ್ಧವಾಗಿದೆ ಎಂದು ಸಚಿವರು ಉತ್ತರಿಸಿದರು.
ರಾಜ್ಯ ಸರ್ಕಾರ ನೇಕಾರರ ಬೇಡಿಕೆಗಳನ್ನು ಈಡೇರಿಸಬೇಕು ಎಂದು ಒತ್ತಾಯಿಸಿದರು. ಇತ್ತೀಚಿನ ಮಳೆ ಮತ್ತು ಪ್ರವಾಹದಿಂದ ನೇಕಾರರ ಮಗ್ಗಗಳು ಹಾನಿಗೊಳಗಾಗಿವೆ. ಹಾನಿಗೊಳಗಾದ ಮಗ್ಗಗಳಿಗೆ ಪರಿಹಾರ ನೀಡಬೇಕು. ಸರ್ಕಾರ ತಕ್ಷಣ ನೇಕಾರರ ನೆರವಿಗೆ ಧಾವಿಸಬೇಕು. ನೇಕಾರ ಸಮ್ಮಾನ್ ಯೋಜನೆಯಡಿ ಹೆಚ್ಚಿನ ನೆರವು ನೀಡಬೇಕು ಎಂದರು. ಇದಕ್ಕೆ ಉತ್ತರಿಸಿದ ಸಚಿವರು, ನೇಕಾರರಿಗೆ ಸರ್ಕಾರ ಈಗಾಗಲೇ ಹಲವು ಸೌಲಭ್ಯ ನೀಡುತ್ತಿದೆ. ಹೆಚ್ಚಿನ ನೆರವು ನೀಡುವ ಬಗ್ಗೆ ಮುಖ್ಯಮಂತ್ರಿಗಳ ಜತೆ ಚರ್ಚಿಸಲಾಗುವುದು ಎಂದರು.
